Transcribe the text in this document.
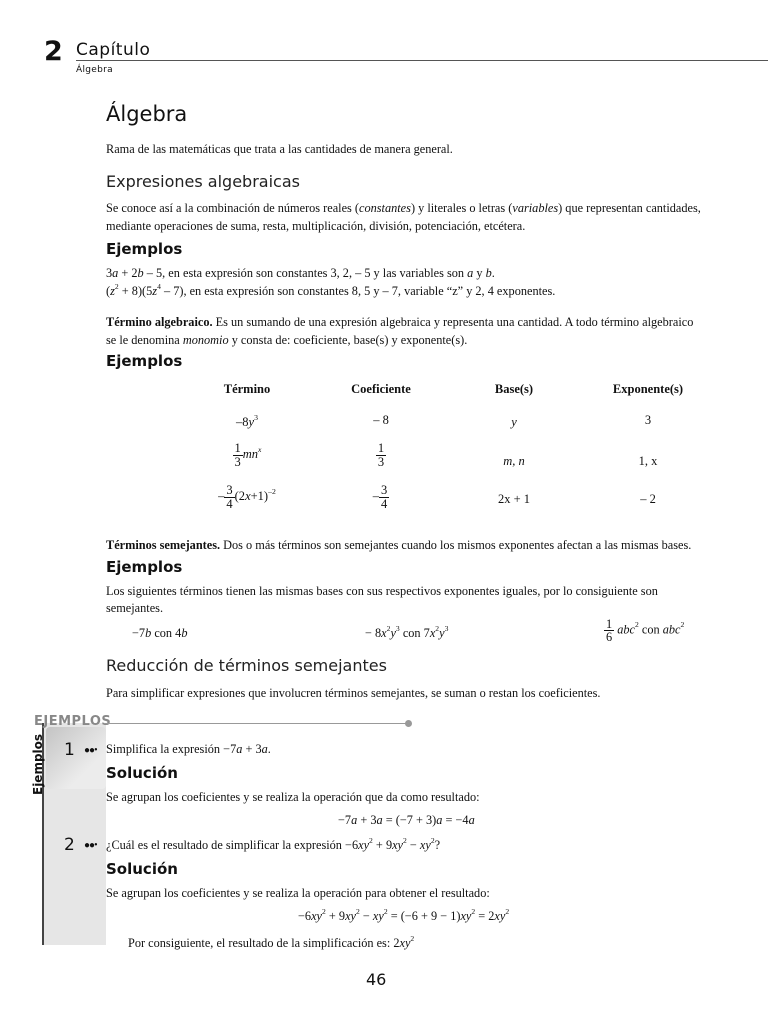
2 Capítulo
Álgebra
Álgebra
Rama de las matemáticas que trata a las cantidades de manera general.
Expresiones algebraicas
Se conoce así a la combinación de números reales (constantes) y literales o letras (variables) que representan cantidades,
mediante operaciones de suma, resta, multiplicación, división, potenciación, etcétera.
Ejemplos
3a + 2b – 5, en esta expresión son constantes 3, 2, – 5 y las variables son a y b.
$(z^2 + 8)(5z^4 - 7)$, en esta expresión son constantes 8, 5 y – 7, variable “z” y 2, 4 exponentes.
Término algebraico. Es un sumando de una expresión algebraica y representa una cantidad. A todo término algebraico
se le denomina monomio y consta de: coeficiente, base(s) y exponente(s).
Ejemplos
Término	Coeficiente	Base(s)	Exponente(s)
$-8y^3$	– 8	y	3
$\frac{1}{3} mn^x$	$\frac{1}{3}$	m, n	1, x
– $\frac{3}{4} (2x+1)^{-2}$	– $\frac{3}{4}$	2x + 1	– 2
Términos semejantes. Dos o más términos son semejantes cuando los mismos exponentes afectan a las mismas bases.
Ejemplos
Los siguientes términos tienen las mismas bases con sus respectivos exponentes iguales, por lo consiguiente son
semejantes.
−7b con 4b	− $8x^2y^3$ con $7x^2y^3$	$\frac{1}{6} abc^2$ con abc$^2$
Reducción de términos semejantes
Para simplificar expresiones que involucren términos semejantes, se suman o restan los coeficientes.
EJEMPLOS
Ejemplos 1 ●●• Simplifica la expresión −7a + 3a.
Solución
Se agrupan los coeficientes y se realiza la operación que da como resultado:
−7a + 3a = (−7 + 3)a = −4a
2 ●●• ¿Cuál es el resultado de simplificar la expresión $-6xy^2 + 9xy^2 - xy^2$?
Solución
Se agrupan los coeficientes y se realiza la operación para obtener el resultado:
$-6xy^2 + 9xy^2 - xy^2 = (-6 + 9 - 1)xy^2 = 2xy^2$
Por consiguiente, el resultado de la simplificación es: $2xy^2$
46
